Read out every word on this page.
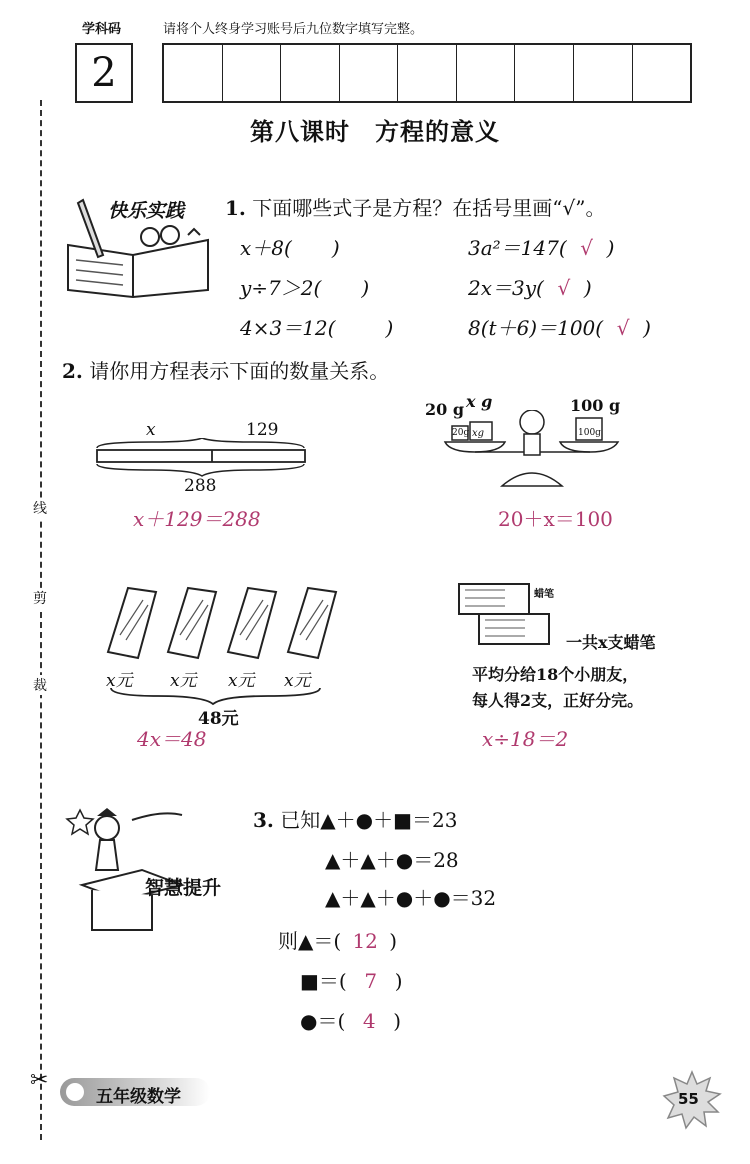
学科码	请将个人终身学习账号后九位数字填写完整。
2
第八课时　方程的意义
线
剪
裁
✂
快乐实践 1. 下面哪些式子是方程？在括号里画“√”。
x＋8( )	3a²＝147( √ )
y÷7＞2( )	2x＝3y( √ )
4×3＝12(	)	8(t＋6)＝100( √ )
2. 请你用方程表示下面的数量关系。
x	129
288
x＋129＝288
20 g x g	100 g
20g xg	100g
20＋x＝100
x元 x元 x元 x元
48元
4x＝48
蜡笔
一共x支蜡笔
平均分给18个小朋友，
每人得2支，正好分完。
x÷18＝2
智慧提升
3. 已知▲＋●＋■＝23
▲＋▲＋●＝28
▲＋▲＋●＋●＝32
则▲＝( 12 )
■＝( 7 )
●＝( 4 )
五年级数学	55
